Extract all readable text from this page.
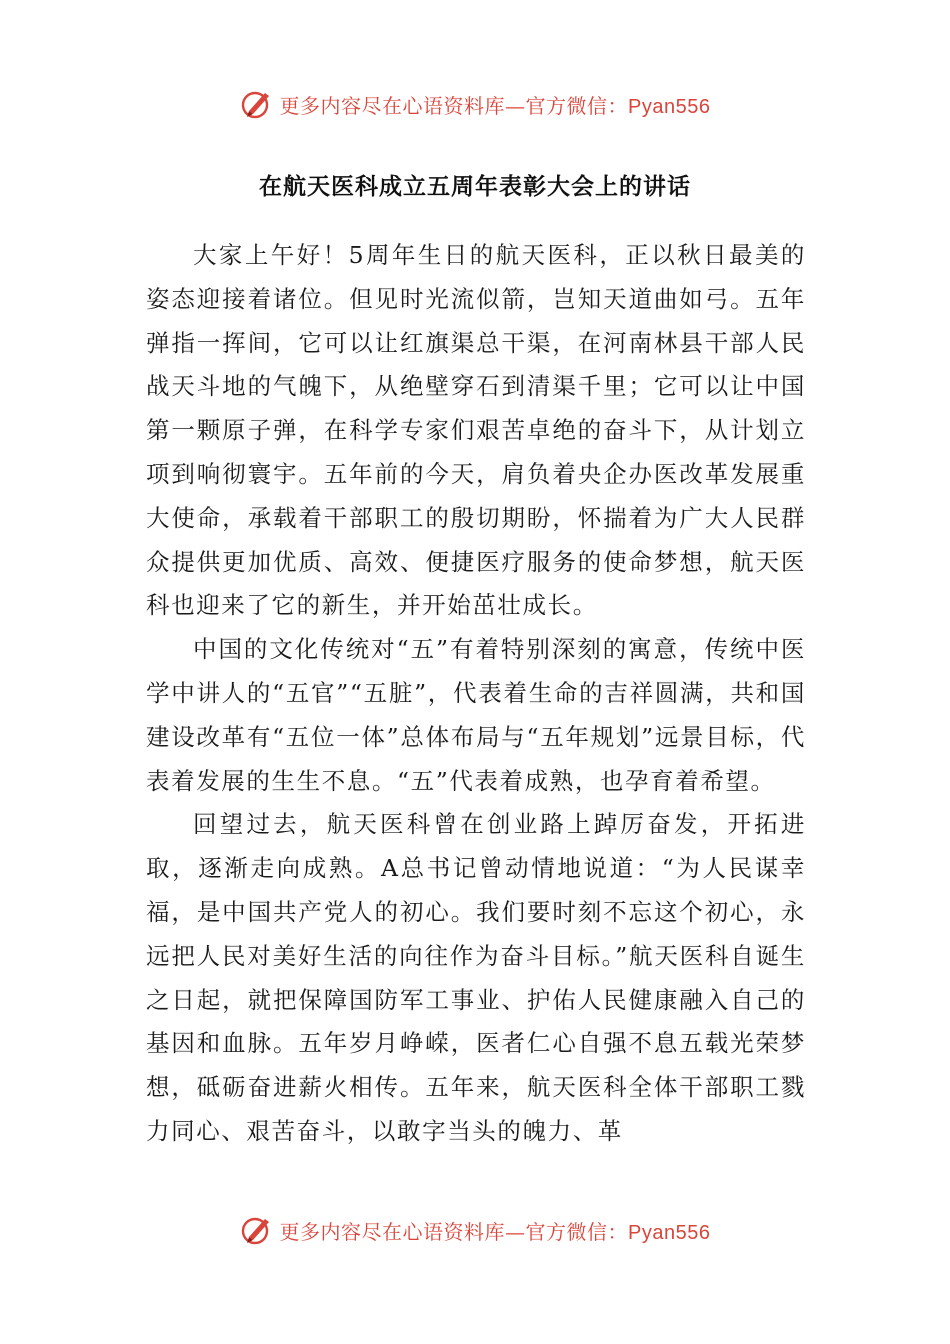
更多内容尽在心语资料库—官方微信：Pyan556
在航天医科成立五周年表彰大会上的讲话

大家上午好！5周年生日的航天医科，正以秋日最美的姿态迎接着诸位。但见时光流似箭，岂知天道曲如弓。五年弹指一挥间，它可以让红旗渠总干渠，在河南林县干部人民战天斗地的气魄下，从绝壁穿石到清渠千里；它可以让中国第一颗原子弹，在科学专家们艰苦卓绝的奋斗下，从计划立项到响彻寰宇。五年前的今天，肩负着央企办医改革发展重大使命，承载着干部职工的殷切期盼，怀揣着为广大人民群众提供更加优质、高效、便捷医疗服务的使命梦想，航天医科也迎来了它的新生，并开始茁壮成长。

中国的文化传统对“五”有着特别深刻的寓意，传统中医学中讲人的“五官”“五脏”，代表着生命的吉祥圆满，共和国建设改革有“五位一体”总体布局与“五年规划”远景目标，代表着发展的生生不息。“五”代表着成熟，也孕育着希望。

回望过去，航天医科曾在创业路上踔厉奋发，开拓进取，逐渐走向成熟。A总书记曾动情地说道：“为人民谋幸福，是中国共产党人的初心。我们要时刻不忘这个初心，永远把人民对美好生活的向往作为奋斗目标。”航天医科自诞生之日起，就把保障国防军工事业、护佑人民健康融入自己的基因和血脉。五年岁月峥嵘，医者仁心自强不息五载光荣梦想，砥砺奋进薪火相传。五年来，航天医科全体干部职工戮力同心、艰苦奋斗，以敢字当头的魄力、革

更多内容尽在心语资料库—官方微信：Pyan556
